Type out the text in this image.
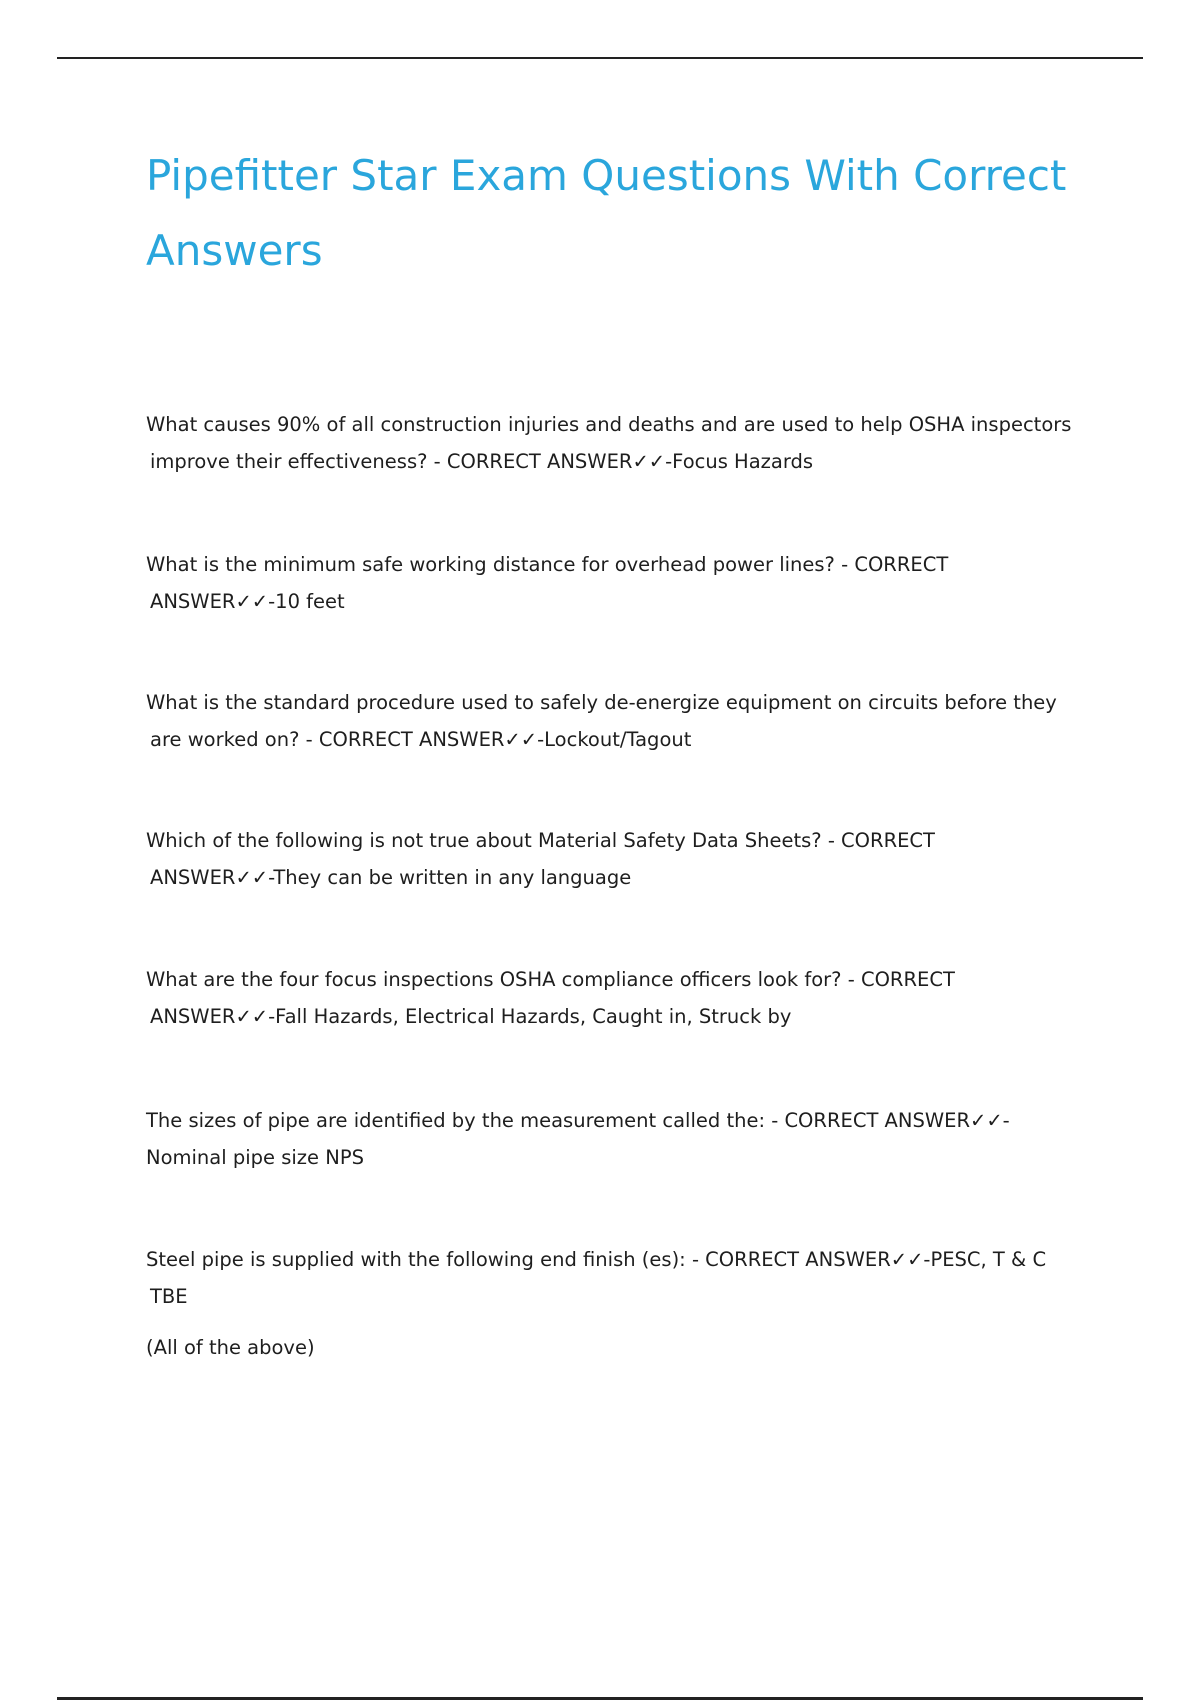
Pipefitter Star Exam Questions With Correct Answers
What causes 90% of all construction injuries and deaths and are used to help OSHA inspectors
improve their effectiveness? - CORRECT ANSWER✓✓-Focus Hazards
What is the minimum safe working distance for overhead power lines? - CORRECT
ANSWER✓✓-10 feet
What is the standard procedure used to safely de-energize equipment on circuits before they
are worked on? - CORRECT ANSWER✓✓-Lockout/Tagout
Which of the following is not true about Material Safety Data Sheets? - CORRECT
ANSWER✓✓-They can be written in any language
What are the four focus inspections OSHA compliance officers look for? - CORRECT
ANSWER✓✓-Fall Hazards, Electrical Hazards, Caught in, Struck by
The sizes of pipe are identified by the measurement called the: - CORRECT ANSWER✓✓-
Nominal pipe size NPS
Steel pipe is supplied with the following end finish (es): - CORRECT ANSWER✓✓-PESC, T & C
TBE
(All of the above)
